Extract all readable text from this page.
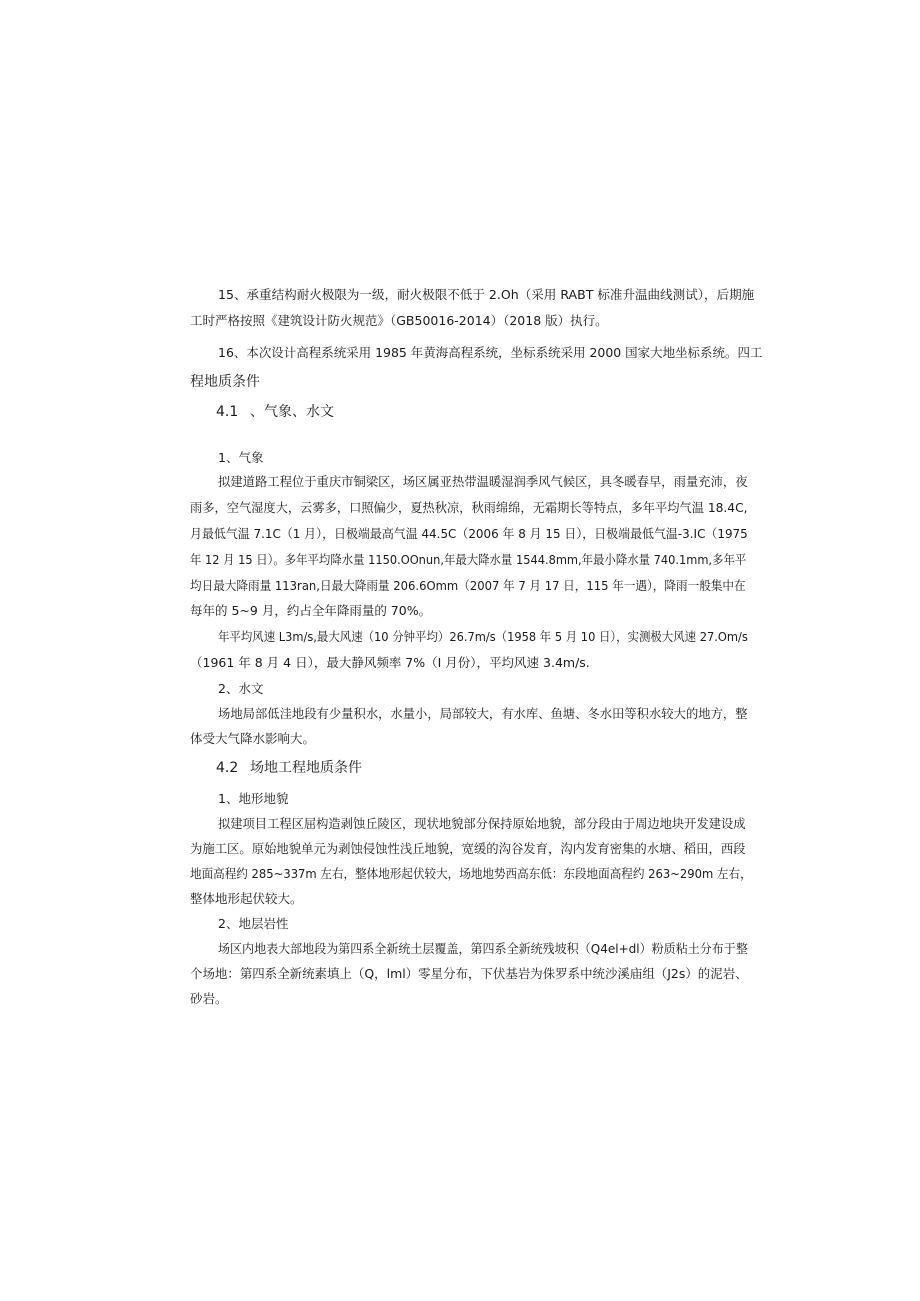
15、承重结构耐火极限为一级，耐火极限不低于 2.Oh（采用 RABT 标准升温曲线测试），后期施
工时严格按照《建筑设计防火规范》（GB50016-2014）（2018 版）执行。
16、本次设计高程系统采用 1985 年黄海高程系统，坐标系统采用 2000 国家大地坐标系统。四工
程地质条件
4.1 、气象、水文
1、气象
拟建道路工程位于重庆市铜梁区，场区属亚热带温暖湿润季风气候区，具冬暖春早，雨量充沛，夜
雨多，空气湿度大，云雾多，口照偏少，夏热秋凉，秋雨绵绵，无霜期长等特点，多年平均气温 18.4C,
月最低气温 7.1C（1 月），日极端最高气温 44.5C（2006 年 8 月 15 日），日极端最低气温-3.IC（1975
年 12 月 15 日）。多年平均降水量 1150.OOnun,年最大降水量 1544.8mm,年最小降水量 740.1mm,多年平
均日最大降雨量 113ran,日最大降雨量 206.6Omm（2007 年 7 月 17 日，115 年一遇），降雨一般集中在
每年的 5~9 月，约占全年降雨量的 70%。
年平均风速 L3m/s,最大风速（10 分钟平均）26.7m/s（1958 年 5 月 10 日），实测极大风速 27.Om/s
（1961 年 8 月 4 日），最大静风频率 7%（I 月份），平均风速 3.4m/s.
2、水文
场地局部低洼地段有少量积水，水量小，局部较大，有水库、鱼塘、冬水田等积水较大的地方，整
体受大气降水影响大。
4.2 场地工程地质条件
1、地形地貌
拟建项目工程区屈构造剥蚀丘陵区，现状地貌部分保持原始地貌，部分段由于周边地块开发建设成
为施工区。原始地貌单元为剥蚀侵蚀性浅丘地貌，宽缓的沟谷发育，沟内发育密集的水塘、稻田，西段
地面高程约 285~337m 左右，整体地形起伏较大，场地地势西高东低：东段地面高程约 263~290m 左右，
整体地形起伏较大。
2、地层岩性
场区内地表大部地段为第四系全新统土层覆盖，第四系全新统残坡积（Q4el+dl）粉质粘土分布于整
个场地：第四系全新统素填上（Q，lml）零星分布，下伏基岩为侏罗系中统沙溪庙组（J2s）的泥岩、
砂岩。
